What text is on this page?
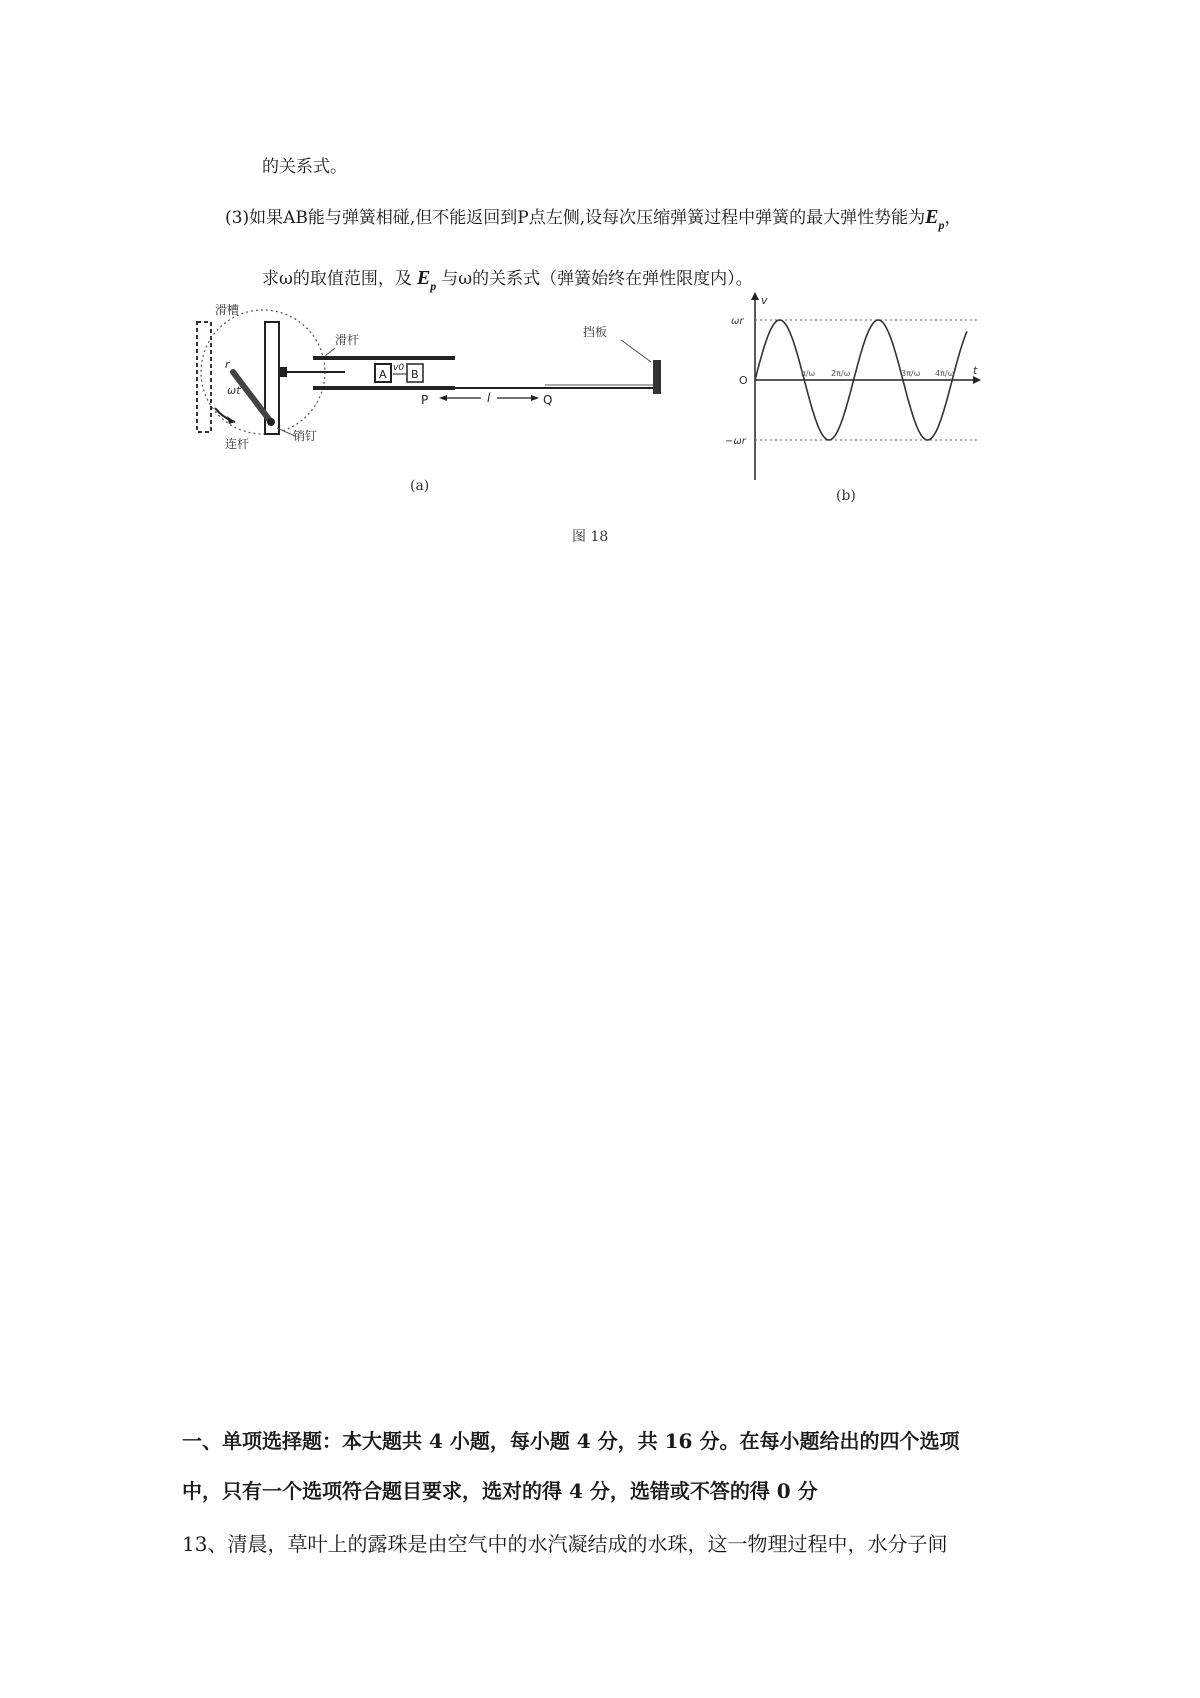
的关系式。
(3)如果AB能与弹簧相碰,但不能返回到P点左侧,设每次压缩弹簧过程中弹簧的最大弹性势能为$E_p$，
求ω的取值范围，及 $E_p$ 与ω的关系式（弹簧始终在弹性限度内）。
滑槽
r
ωt
连杆
销钉
滑杆
A B
v0
挡板
P	Q
l
(a)
v
t
O
ωr
−ωr
π/ω 2π/ω	3π/ω 4π/ω
(b)
图 18
一、单项选择题：本大题共 4 小题，每小题 4 分，共 16 分。在每小题给出的四个选项
中，只有一个选项符合题目要求，选对的得 4 分，选错或不答的得 0 分
13、清晨，草叶上的露珠是由空气中的水汽凝结成的水珠，这一物理过程中，水分子间
